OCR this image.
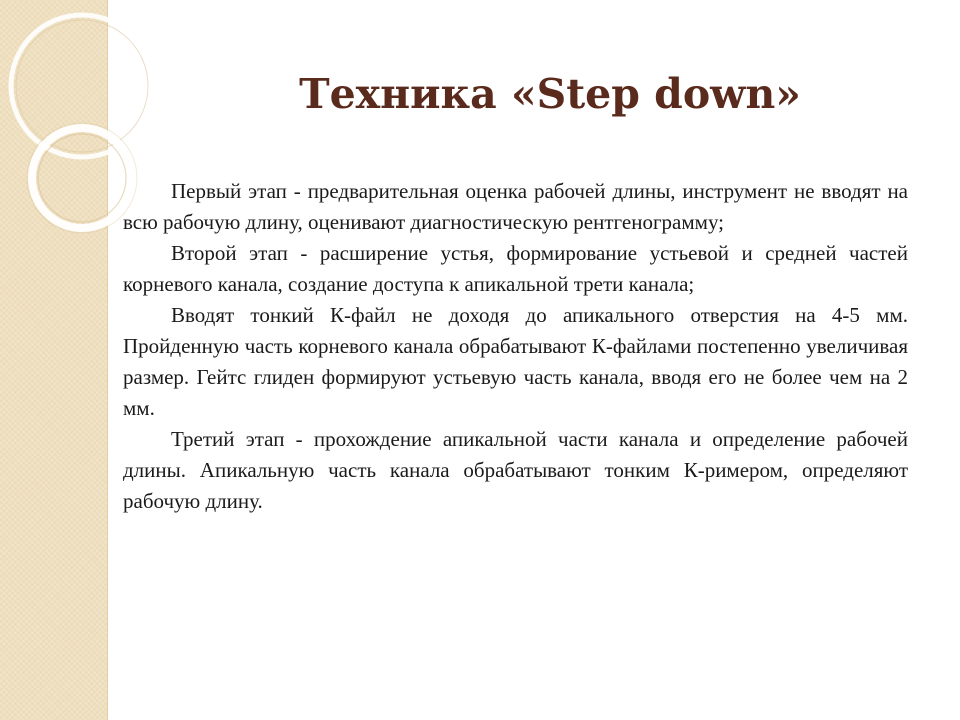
Техника «Step down»

Первый этап - предварительная оценка рабочей длины, инструмент не вводят на всю рабочую длину, оценивают диагностическую рентгенограмму;

Второй этап - расширение устья, формирование устьевой и средней частей корневого канала, создание доступа к апикальной трети канала;

Вводят тонкий К-файл не доходя до апикального отверстия на 4-5 мм. Пройденную часть корневого канала обрабатывают К-файлами постепенно увеличивая размер. Гейтс глиден формируют устьевую часть канала, вводя его не более чем на 2 мм.

Третий этап - прохождение апикальной части канала и определение рабочей длины. Апикальную часть канала обрабатывают тонким К-римером, определяют рабочую длину.
